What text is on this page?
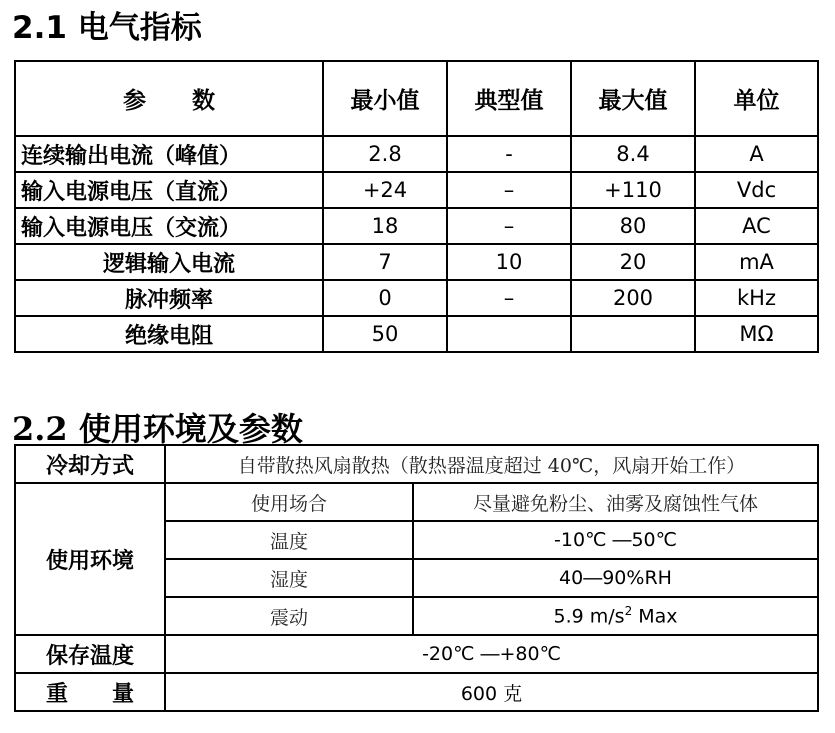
2.1 电气指标
参　　数	最小值	典型值	最大值	单位
连续输出电流（峰值）	2.8	-	8.4	A
输入电源电压（直流）	+24	–	+110	Vdc
输入电源电压（交流）	18	–	80	AC
逻辑输入电流	7	10	20	mA
脉冲频率	0	–	200	kHz
绝缘电阻	50			MΩ
2.2 使用环境及参数
冷却方式	自带散热风扇散热（散热器温度超过 40℃，风扇开始工作）	
使用环境	使用场合	尽量避免粉尘、油雾及腐蚀性气体
	温度	-10℃ ―50℃
	湿度	40―90%RH
	震动	5.9 $m/s^2$ Max
保存温度	-20℃ ―+80℃	
重　　量	600 克	
